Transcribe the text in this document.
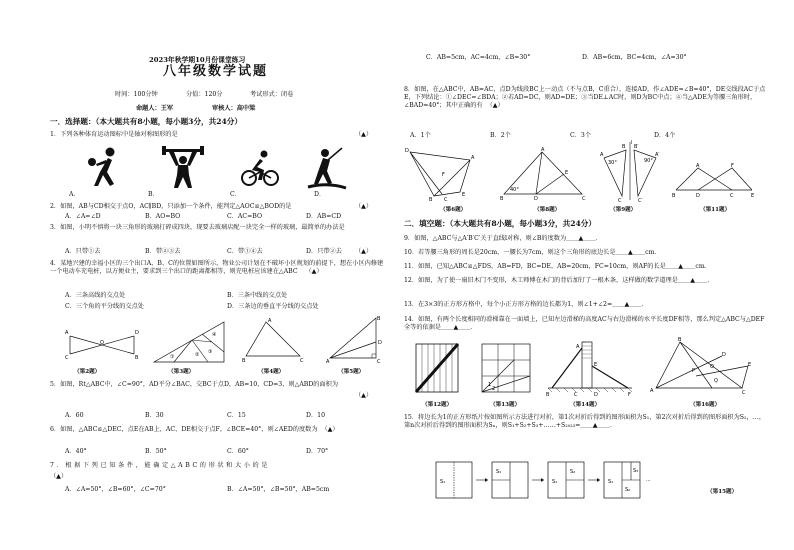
2023年秋学期10月份课堂练习
八年级数学试题
时间：100分钟	分值：120分	考试形式：闭卷
命题人：王军	审核人：高中梁
一．选择题：（本大题共有8小题，每小题3分，共24分）
1．下列各种体育运动图标中是轴对称图形的是	（▲）
A．	B．	C．	D．
2．如图，AB与CD相交于点O，AC∥BD，只添加一个条件，能判定△AOC≌△BOD的是	（▲）
A．∠A=∠D	B．AO=BO	C．AC=BO	D．AB=CD
3．如图，小明不慎将一块三角形的玻璃打碎成四块，现要去玻璃店配一块完全一样的玻璃，最简单的办法是
A．只带①去	B．带②③去	C．带①④去	D．只带②去 （▲）
4．某地兴建的幸福小区的三个出口A、B、C的位置如图所示，物业公司计划在不破坏小区规划的前提下，想在小区内修建一个电动车充电桩，以方便业主，要求到三个出口的距离都相等，则充电桩应该建在△ABC （▲）
A．三条高线的交点处	B．三条中线的交点处
C．三个角的平分线的交点处	D．三条边的垂直平分线的交点处
A
C
O
D
B	①	② ③
④
A
B	C	A	C
D
B
（第2题）	（第3题）	（第4题）	（第5题）
5．如图，Rt△ABC中，∠C=90°，AD平分∠BAC，交BC于点D，AB=10，CD=3，则△ABD的面积为
（▲）
A．60	B．30	C．15	D．10
6．如图，△ABC≌△DEC，点E在AB上，AC、DE相交于点F，∠BCE=40°，则∠AED的度数为 （▲）
A．40°	B．50°	C．60°	D．70°
7．根据下列已知条件，能确定△ABC的形状和大小的是
（▲）
A．∠A=50°，∠B=60°，∠C=70°	B．∠A=50°，∠B=50°，AB=5cm
C．AB=5cm，AC=4cm，∠B=30°	D．AB=6cm，BC=4cm，∠A=30°
8．如图，在△ABC中，AB=AC，点D为线段BC上一动点（不与点B，C重合），连接AD，作∠ADE=∠B=40°，DE交线段AC于点E，下列结论：①∠DEC=∠BDA；②若AD=DC，则AD=DE；③当DE⊥AC时，则D为BC中点；④当△ADE为等腰三角形时，∠BAD=40°；其中正确的有 （▲）
A．1个	B．2个	C．3个	D．4个
D
A
E
F
B C
A
B	D	C
E
40°
A
B
C
A′
B′
C′
l
30°	90°
A	F
B	D	C	E
（第6题）	（第8题）	（第9题）	（第11题）
二．填空题：（本大题共有8小题，每小题3分，共24分）
9．如图，△ABC与△A′B′C′关于直线l对称，则∠B的度数为＿＿▲＿＿．
10．若等腰三角形的周长是20cm，一腰长为7cm，则这个三角形的底边长是＿＿▲＿＿cm．
11．如图，已知△ABC≌△FDS，AB=FD，BC=DE，AB=20cm，FC=10cm，则AF的长是＿＿▲＿＿cm．
12．如图，为了使一扇旧木门不变形，木工师傅在木门的背后加钉了一根木条，这样做的数学道理是＿＿▲＿＿．
13．在3×3的正方形方格中，每个小正方形方格的边长都为1，则∠1+∠2=＿＿▲＿＿．
14．如图，有两个长度相同的滑梯靠在一面墙上，已知左边滑梯的高度AC与右边滑梯的水平长度DF相等，那么判定△ABC与△DEF全等的依据是＿＿▲＿＿．
1
2
A
C
B
E
D	F
A
B
C
D
E
P
O
Q
（第12题）	（第13题）	（第14题）	（第16题）
15．将边长为1的正方形纸片按如图所示方法进行对折，第1次对折后得到的图形面积为S₁，第2次对折后得到的图形面积为S₂，…，第n次对折后得到的图形面积为Sₙ，则S₁+S₂+S₃+……+S₂₀₂₃=＿＿▲＿＿．
S₁
S₁
S₁
S₂
S₁
S₂
S₃
···
（第15题）
